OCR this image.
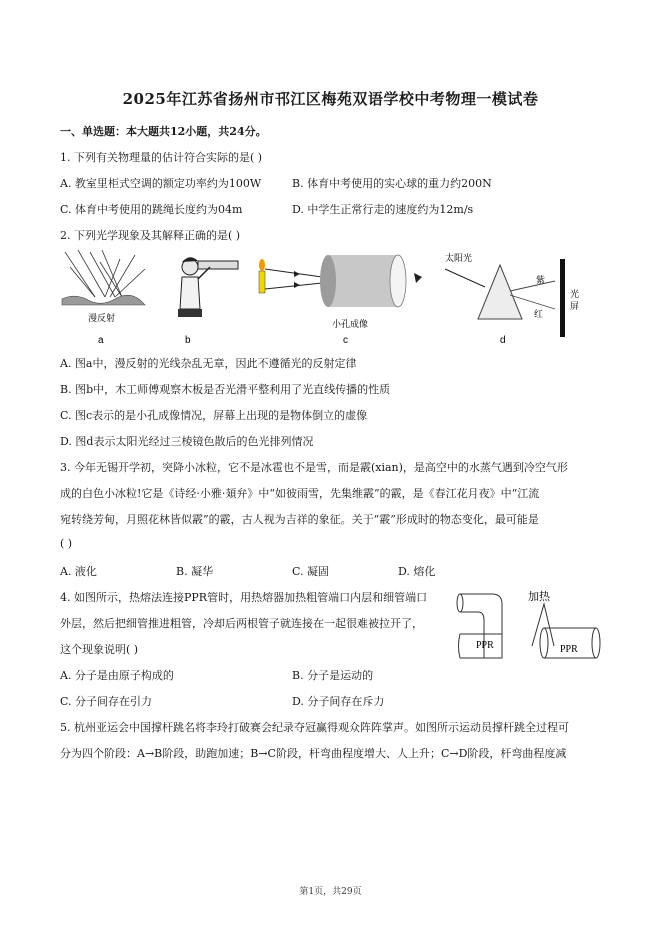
2025年江苏省扬州市邗江区梅苑双语学校中考物理一模试卷
一、单选题：本大题共12小题，共24分。
1. 下列有关物理量的估计符合实际的是( )
A. 教室里柜式空调的额定功率约为100W	B. 体育中考使用的实心球的重力约200N
C. 体育中考使用的跳绳长度约为04m	D. 中学生正常行走的速度约为12m/s
2. 下列光学现象及其解释正确的是( )
漫反射
a	b
小孔成像
c
太阳光
紫
红
光
屏
d
A. 图a中，漫反射的光线杂乱无章，因此不遵循光的反射定律
B. 图b中，木工师傅观察木板是否光滑平整利用了光直线传播的性质
C. 图c表示的是小孔成像情况，屏幕上出现的是物体倒立的虚像
D. 图d表示太阳光经过三棱镜色散后的色光排列情况
3. 今年无锡开学初，突降小冰粒，它不是冰雹也不是雪，而是霰(xian)，是高空中的水蒸气遇到冷空气形
成的白色小冰粒!它是《诗经·小雅·頍弁》中“如彼雨雪，先集维霰”的霰，是《春江花月夜》中“江流
宛转绕芳甸，月照花林皆似霰”的霰，古人视为吉祥的象征。关于“霰”形成时的物态变化，最可能是
( )
A. 液化	B. 凝华	C. 凝固	D. 熔化
4. 如图所示，热熔法连接PPR管时，用热熔器加热粗管端口内层和细管端口
外层，然后把细管推进粗管，冷却后两根管子就连接在一起很难被拉开了，
这个现象说明( )
加热
PPR	PPR
A. 分子是由原子构成的	B. 分子是运动的
C. 分子间存在引力	D. 分子间存在斥力
5. 杭州亚运会中国撑杆跳名将李玲打破赛会纪录夺冠赢得观众阵阵掌声。如图所示运动员撑杆跳全过程可
分为四个阶段：A→B阶段，助跑加速；B→C阶段，杆弯曲程度增大、人上升；C→D阶段，杆弯曲程度减
第1页，共29页
